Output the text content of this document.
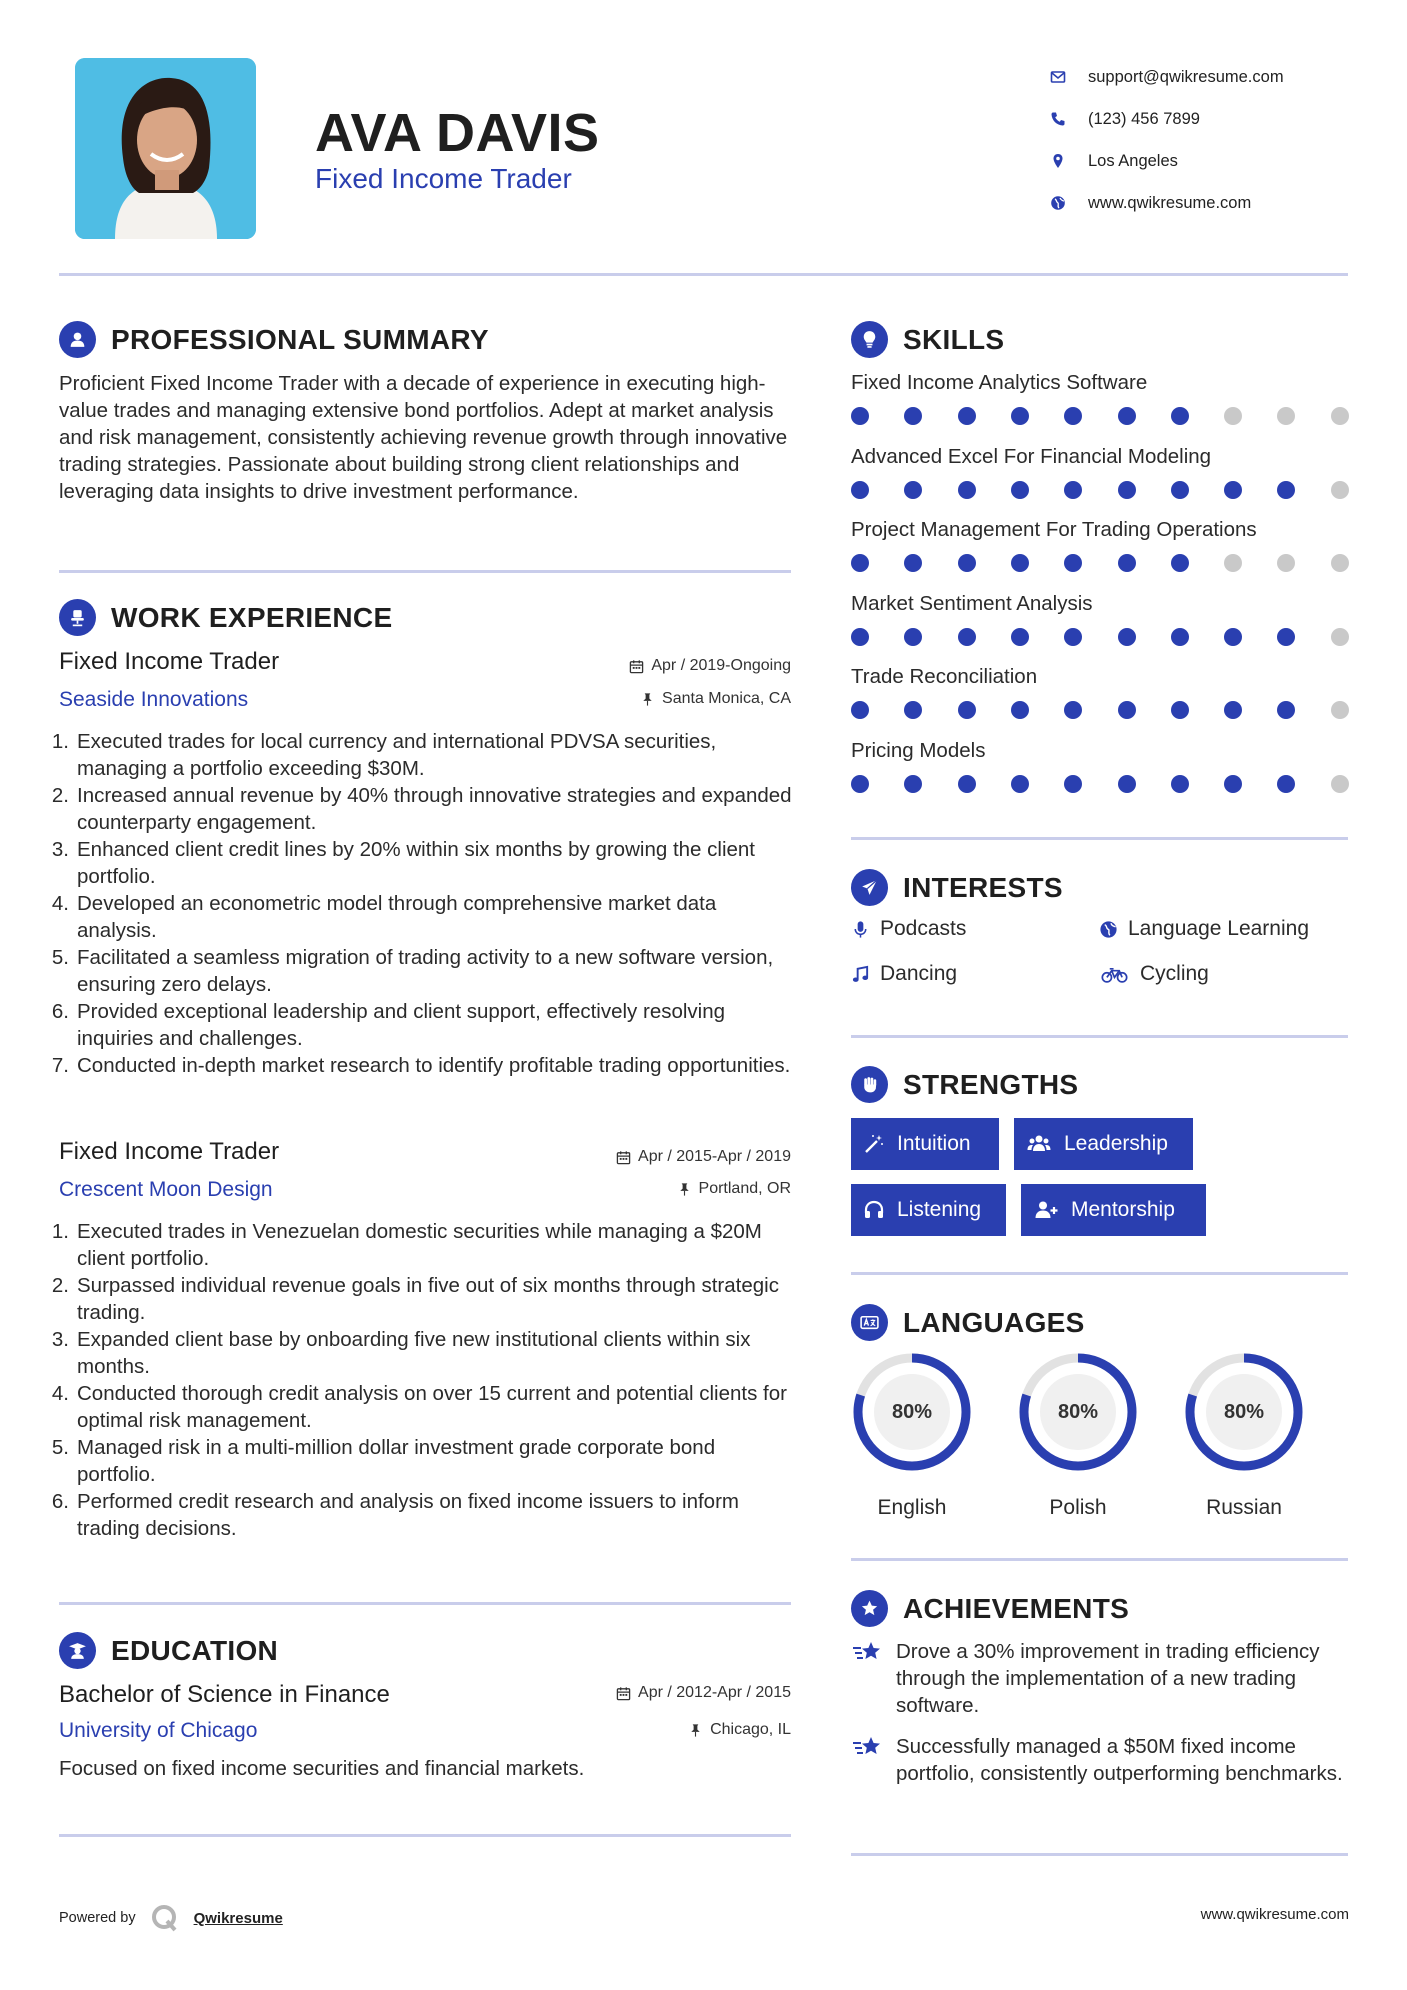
AVA DAVIS
Fixed Income Trader
support@qwikresume.com
(123) 456 7899
Los Angeles
www.qwikresume.com
PROFESSIONAL SUMMARY
Proficient Fixed Income Trader with a decade of experience in executing high-value trades and managing extensive bond portfolios. Adept at market analysis and risk management, consistently achieving revenue growth through innovative trading strategies. Passionate about building strong client relationships and leveraging data insights to drive investment performance.
WORK EXPERIENCE
Fixed Income Trader	Apr / 2019-Ongoing
Seaside Innovations	Santa Monica, CA
1. Executed trades for local currency and international PDVSA securities, managing a portfolio exceeding $30M.
2. Increased annual revenue by 40% through innovative strategies and expanded counterparty engagement.
3. Enhanced client credit lines by 20% within six months by growing the client portfolio.
4. Developed an econometric model through comprehensive market data analysis.
5. Facilitated a seamless migration of trading activity to a new software version, ensuring zero delays.
6. Provided exceptional leadership and client support, effectively resolving inquiries and challenges.
7. Conducted in-depth market research to identify profitable trading opportunities.
Fixed Income Trader	Apr / 2015-Apr / 2019
Crescent Moon Design	Portland, OR
1. Executed trades in Venezuelan domestic securities while managing a $20M client portfolio.
2. Surpassed individual revenue goals in five out of six months through strategic trading.
3. Expanded client base by onboarding five new institutional clients within six months.
4. Conducted thorough credit analysis on over 15 current and potential clients for optimal risk management.
5. Managed risk in a multi-million dollar investment grade corporate bond portfolio.
6. Performed credit research and analysis on fixed income issuers to inform trading decisions.
EDUCATION
Bachelor of Science in Finance	Apr / 2012-Apr / 2015
University of Chicago	Chicago, IL
Focused on fixed income securities and financial markets.
SKILLS
Fixed Income Analytics Software
Advanced Excel For Financial Modeling
Project Management For Trading Operations
Market Sentiment Analysis
Trade Reconciliation
Pricing Models
INTERESTS
Podcasts	Language Learning
Dancing	Cycling
STRENGTHS
Intuition	Leadership
Listening	Mentorship
LANGUAGES
80%
English
80%
Polish
80%
Russian
ACHIEVEMENTS
Drove a 30% improvement in trading efficiency through the implementation of a new trading software.
Successfully managed a $50M fixed income portfolio, consistently outperforming benchmarks.
Powered by	Qwikresume	www.qwikresume.com
